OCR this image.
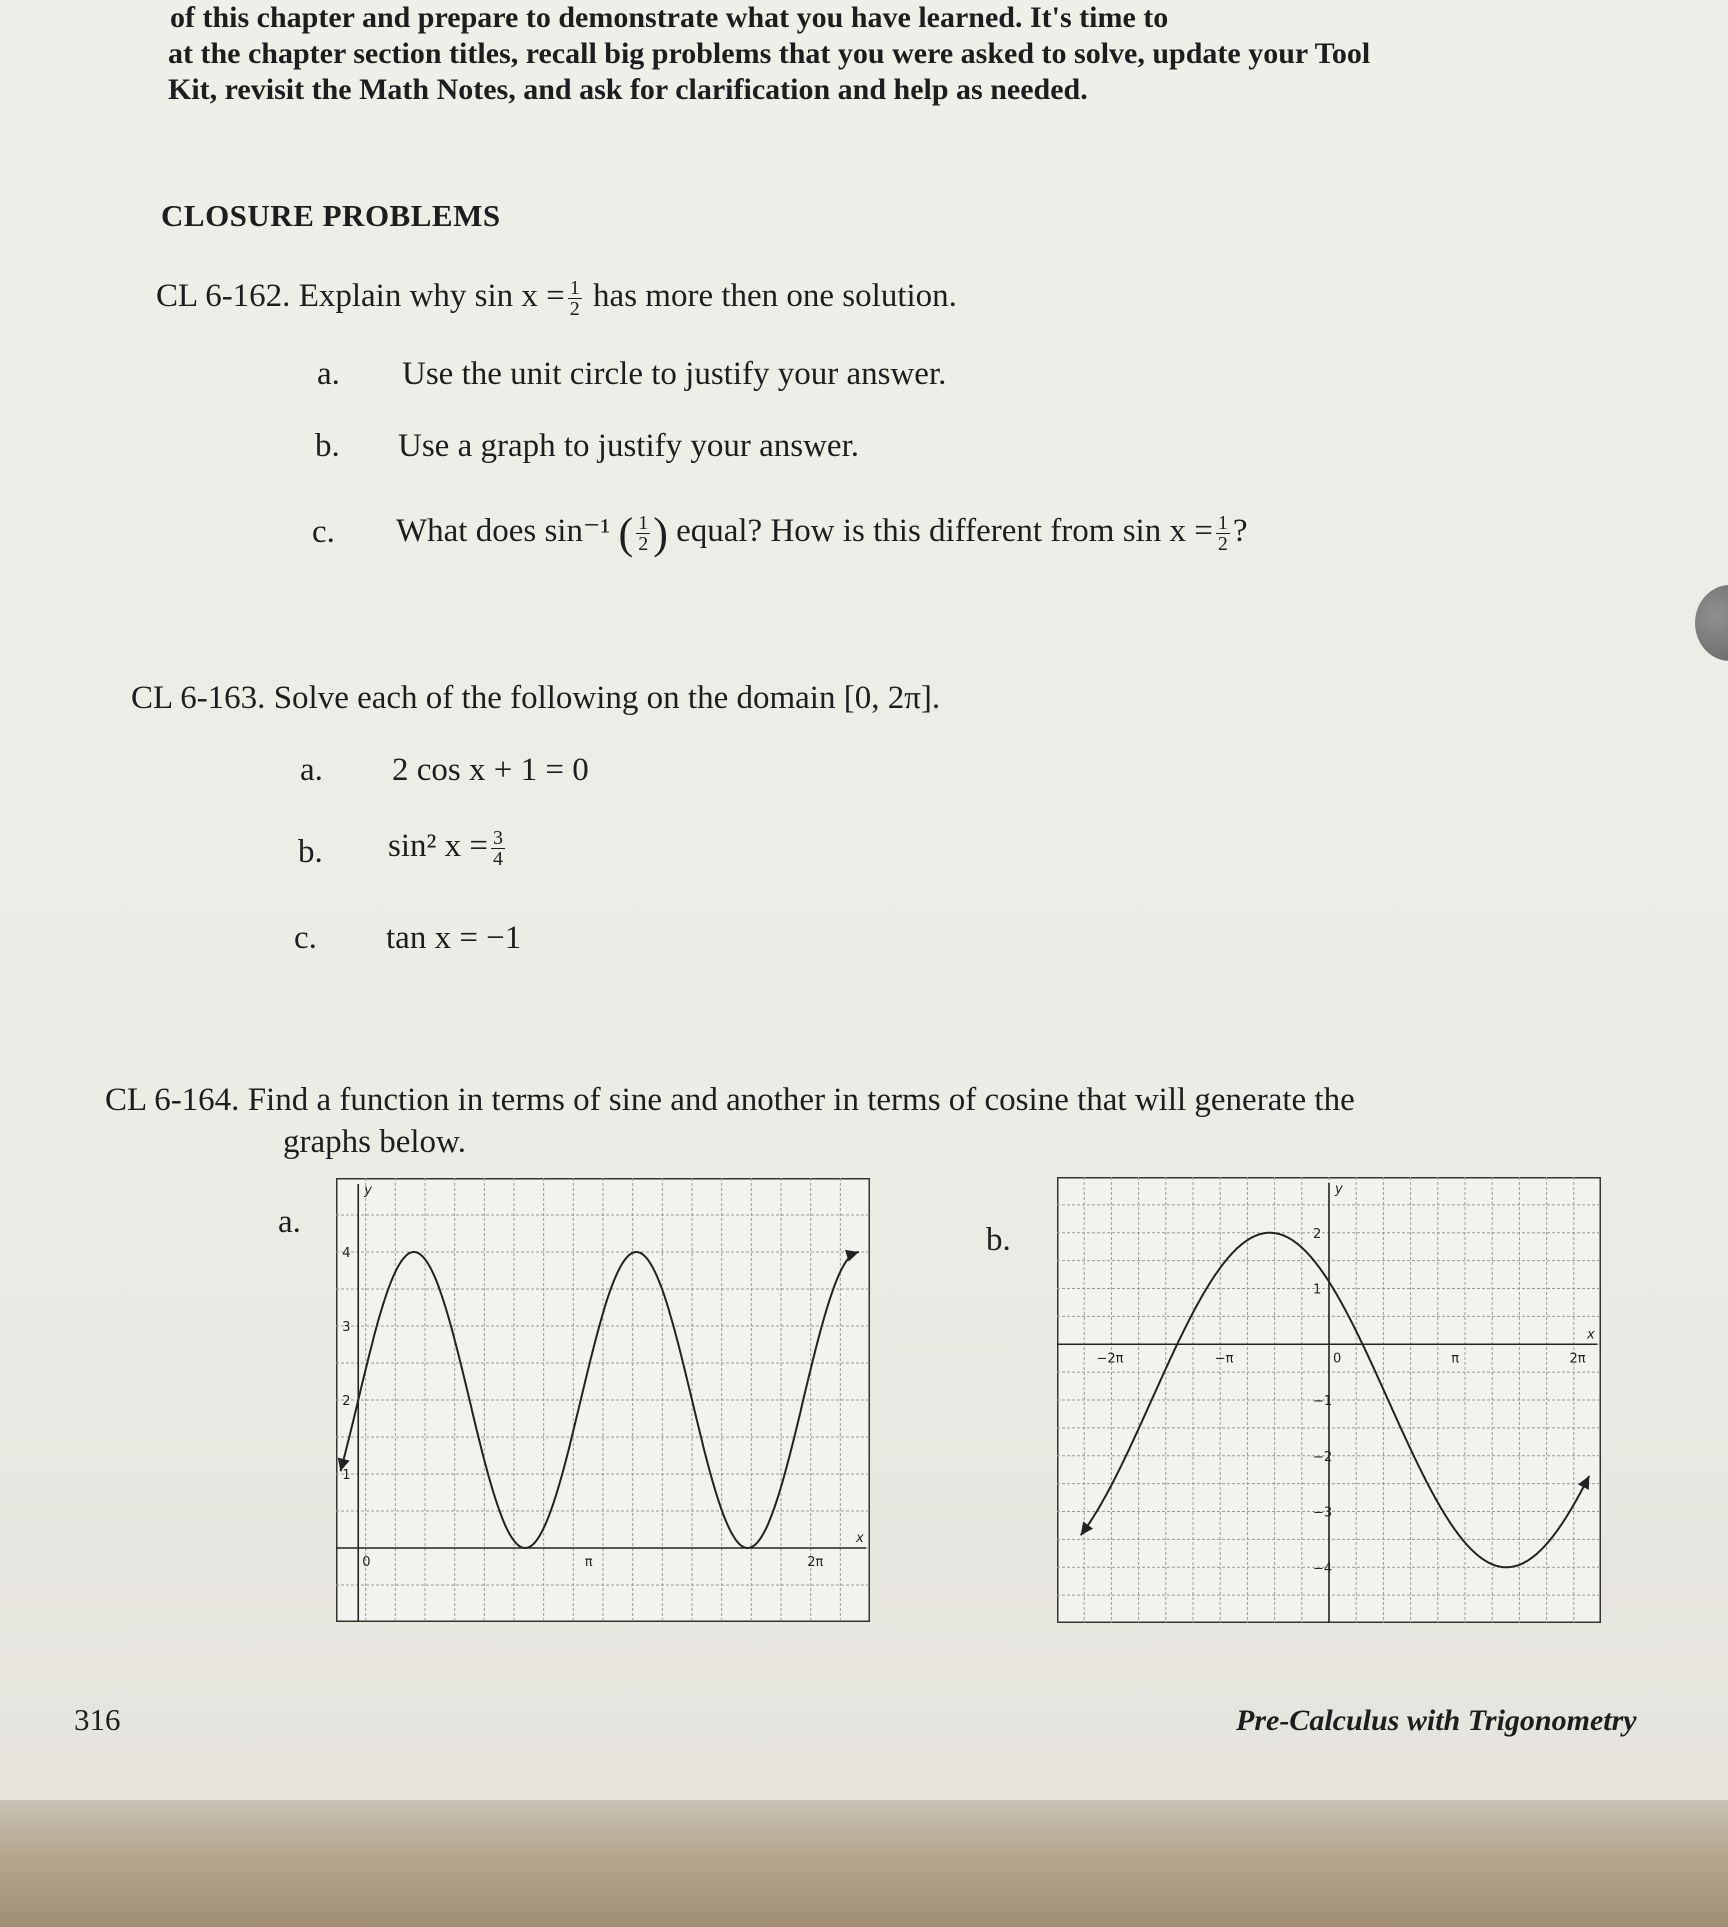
of this chapter and prepare to demonstrate what you have learned. It's time to
at the chapter section titles, recall big problems that you were asked to solve, update your Tool
Kit, revisit the Math Notes, and ask for clarification and help as needed.
CLOSURE PROBLEMS
CL 6-162. Explain why $\sin x = \frac{1}{2}$ has more then one solution.
a. Use the unit circle to justify your answer.
b. Use a graph to justify your answer.
c. What does sin⁻¹ ( $\frac{1}{2}$ ) equal? How is this different from $\sin x = \frac{1}{2}$ ?
CL 6-163. Solve each of the following on the domain [0, 2π].
a. 2 cos x + 1 = 0
b. sin² $x = \frac{3}{4}$
c. tan x = −1
CL 6-164. Find a function in terms of sine and another in terms of cosine that will generate the
graphs below.
a.	b.
x
y
0	π	2π
1
2
3
4
x
y
−2π	−π	0	π	2π
2
1
−1
−2
−3
−4
316	Pre-Calculus with Trigonometry
